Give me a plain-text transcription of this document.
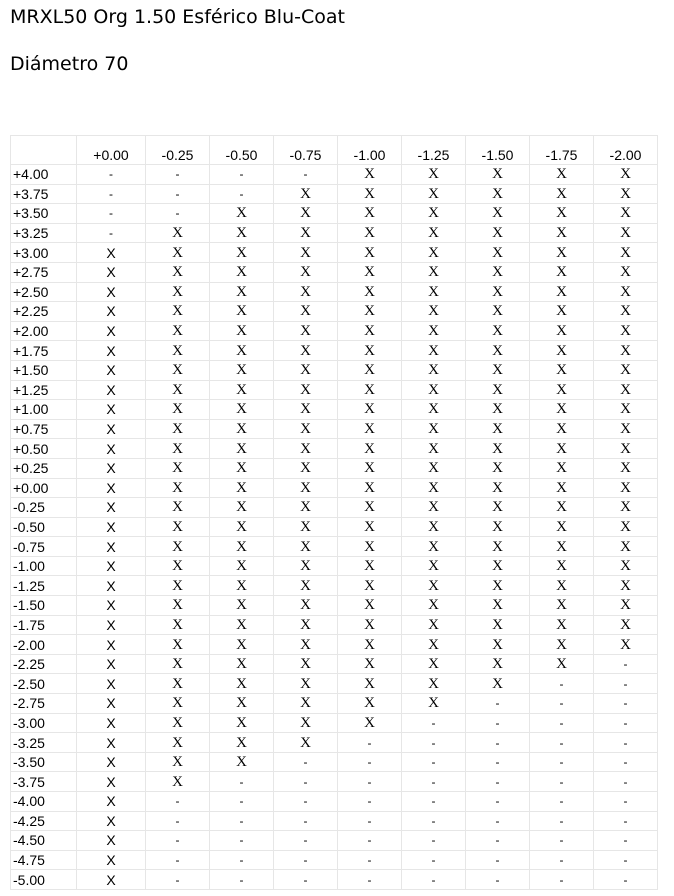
MRXL50 Org 1.50 Esférico Blu-Coat
Diámetro 70
	+0.00	-0.25	-0.50	-0.75	-1.00	-1.25	-1.50	-1.75	-2.00
+4.00	-	-	-	-	X	X	X	X	X
+3.75	-	-	-	X	X	X	X	X	X
+3.50	-	-	X	X	X	X	X	X	X
+3.25	-	X	X	X	X	X	X	X	X
+3.00	X	X	X	X	X	X	X	X	X
+2.75	X	X	X	X	X	X	X	X	X
+2.50	X	X	X	X	X	X	X	X	X
+2.25	X	X	X	X	X	X	X	X	X
+2.00	X	X	X	X	X	X	X	X	X
+1.75	X	X	X	X	X	X	X	X	X
+1.50	X	X	X	X	X	X	X	X	X
+1.25	X	X	X	X	X	X	X	X	X
+1.00	X	X	X	X	X	X	X	X	X
+0.75	X	X	X	X	X	X	X	X	X
+0.50	X	X	X	X	X	X	X	X	X
+0.25	X	X	X	X	X	X	X	X	X
+0.00	X	X	X	X	X	X	X	X	X
-0.25	X	X	X	X	X	X	X	X	X
-0.50	X	X	X	X	X	X	X	X	X
-0.75	X	X	X	X	X	X	X	X	X
-1.00	X	X	X	X	X	X	X	X	X
-1.25	X	X	X	X	X	X	X	X	X
-1.50	X	X	X	X	X	X	X	X	X
-1.75	X	X	X	X	X	X	X	X	X
-2.00	X	X	X	X	X	X	X	X	X
-2.25	X	X	X	X	X	X	X	X	-
-2.50	X	X	X	X	X	X	X	-	-
-2.75	X	X	X	X	X	X	-	-	-
-3.00	X	X	X	X	X	-	-	-	-
-3.25	X	X	X	X	-	-	-	-	-
-3.50	X	X	X	-	-	-	-	-	-
-3.75	X	X	-	-	-	-	-	-	-
-4.00	X	-	-	-	-	-	-	-	-
-4.25	X	-	-	-	-	-	-	-	-
-4.50	X	-	-	-	-	-	-	-	-
-4.75	X	-	-	-	-	-	-	-	-
-5.00	X	-	-	-	-	-	-	-	-
